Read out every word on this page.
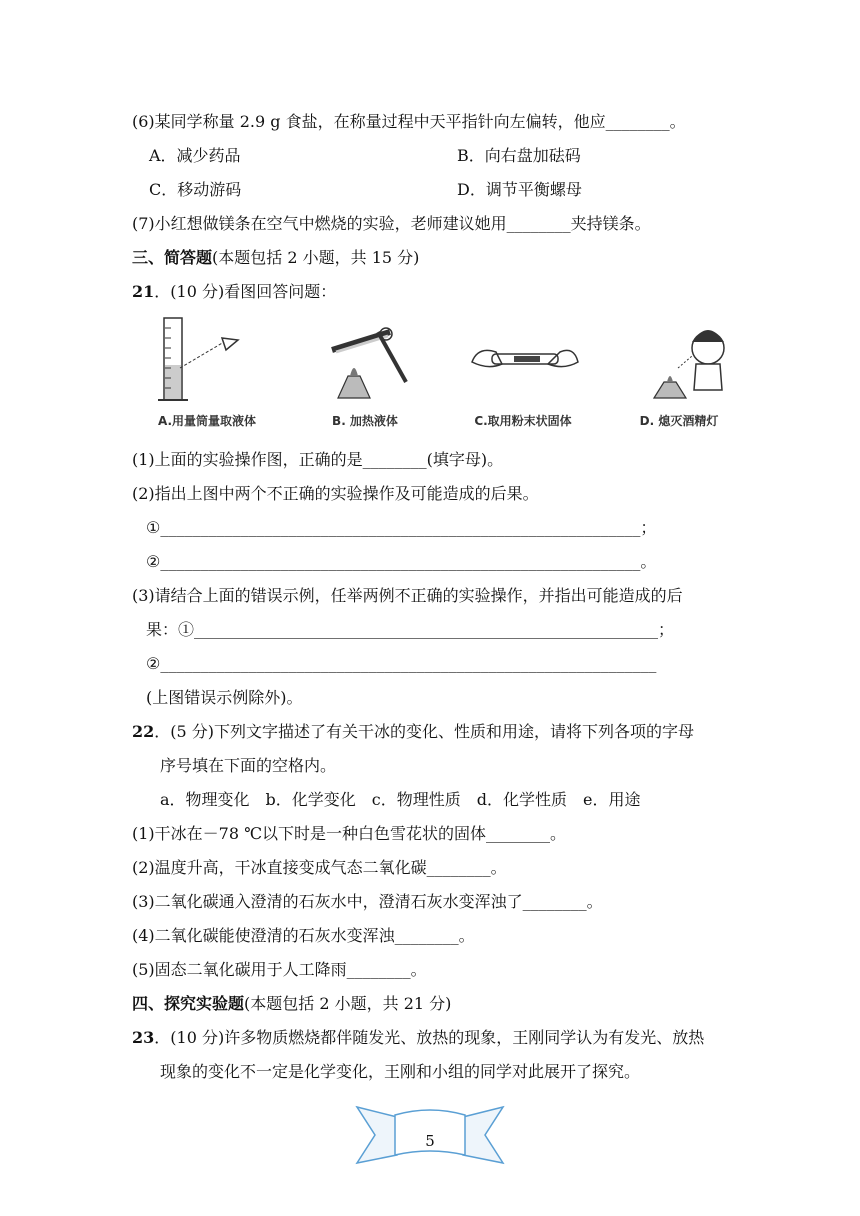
(6)某同学称量 2.9 g 食盐，在称量过程中天平指针向左偏转，他应________。
A．减少药品	B．向右盘加砝码
C．移动游码	D．调节平衡螺母
(7)小红想做镁条在空气中燃烧的实验，老师建议她用________夹持镁条。
三、简答题(本题包括 2 小题，共 15 分)
21．(10 分)看图回答问题：
A.用量筒量取液体	B. 加热液体	C.取用粉末状固体	D. 熄灭酒精灯
(1)上面的实验操作图，正确的是________(填字母)。
(2)指出上图中两个不正确的实验操作及可能造成的后果。
①____________________________________________________________；
②____________________________________________________________。
(3)请结合上面的错误示例，任举两例不正确的实验操作，并指出可能造成的后
果：①__________________________________________________________；
②______________________________________________________________
(上图错误示例除外)。
22．(5 分)下列文字描述了有关干冰的变化、性质和用途，请将下列各项的字母
序号填在下面的空格内。
a．物理变化　b．化学变化　c．物理性质　d．化学性质　e．用途
(1)干冰在－78 ℃以下时是一种白色雪花状的固体________。
(2)温度升高，干冰直接变成气态二氧化碳________。
(3)二氧化碳通入澄清的石灰水中，澄清石灰水变浑浊了________。
(4)二氧化碳能使澄清的石灰水变浑浊________。
(5)固态二氧化碳用于人工降雨________。
四、探究实验题(本题包括 2 小题，共 21 分)
23．(10 分)许多物质燃烧都伴随发光、放热的现象，王刚同学认为有发光、放热
现象的变化不一定是化学变化，王刚和小组的同学对此展开了探究。
5
